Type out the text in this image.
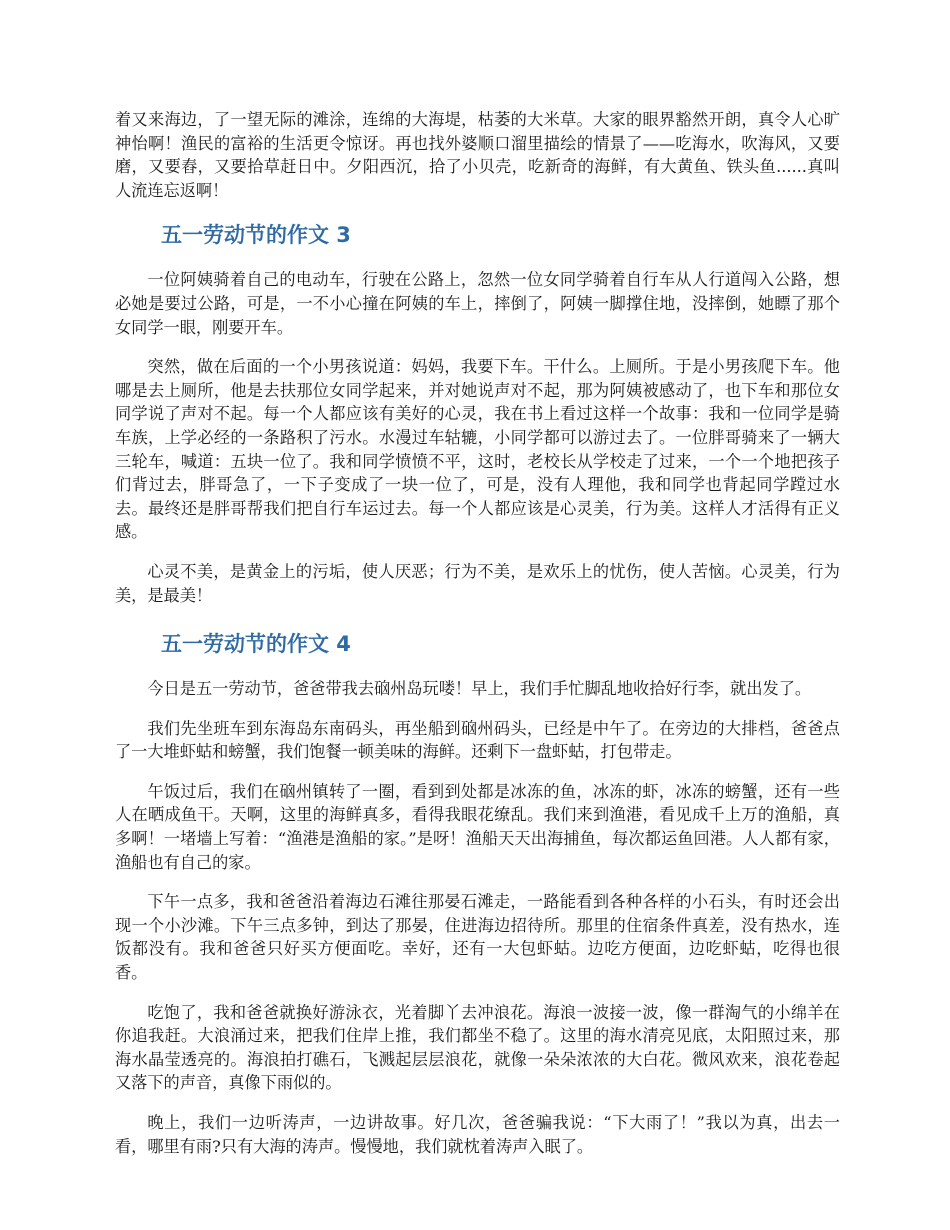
着又来海边，了一望无际的滩涂，连绵的大海堤，枯萎的大米草。大家的眼界豁然开朗，真令人心旷神怡啊！渔民的富裕的生活更令惊讶。再也找外婆顺口溜里描绘的情景了——吃海水，吹海风，又要磨，又要舂，又要拾草赶日中。夕阳西沉，拾了小贝壳，吃新奇的海鲜，有大黄鱼、铁头鱼......真叫人流连忘返啊！

五一劳动节的作文 3

一位阿姨骑着自己的电动车，行驶在公路上，忽然一位女同学骑着自行车从人行道闯入公路，想必她是要过公路，可是，一不小心撞在阿姨的车上，摔倒了，阿姨一脚撑住地，没摔倒，她瞟了那个女同学一眼，刚要开车。

突然，做在后面的一个小男孩说道：妈妈，我要下车。干什么。上厕所。于是小男孩爬下车。他哪是去上厕所，他是去扶那位女同学起来，并对她说声对不起，那为阿姨被感动了，也下车和那位女同学说了声对不起。每一个人都应该有美好的心灵，我在书上看过这样一个故事：我和一位同学是骑车族，上学必经的一条路积了污水。水漫过车轱辘，小同学都可以游过去了。一位胖哥骑来了一辆大三轮车，喊道：五块一位了。我和同学愤愤不平，这时，老校长从学校走了过来，一个一个地把孩子们背过去，胖哥急了，一下子变成了一块一位了，可是，没有人理他，我和同学也背起同学蹚过水去。最终还是胖哥帮我们把自行车运过去。每一个人都应该是心灵美，行为美。这样人才活得有正义感。

心灵不美，是黄金上的污垢，使人厌恶；行为不美，是欢乐上的忧伤，使人苦恼。心灵美，行为美，是最美！

五一劳动节的作文 4

今日是五一劳动节，爸爸带我去硇州岛玩喽！早上，我们手忙脚乱地收拾好行李，就出发了。

我们先坐班车到东海岛东南码头，再坐船到硇州码头，已经是中午了。在旁边的大排档，爸爸点了一大堆虾蛄和螃蟹，我们饱餐一顿美味的海鲜。还剩下一盘虾蛄，打包带走。

午饭过后，我们在硇州镇转了一圈，看到到处都是冰冻的鱼，冰冻的虾，冰冻的螃蟹，还有一些人在晒成鱼干。天啊，这里的海鲜真多，看得我眼花缭乱。我们来到渔港，看见成千上万的渔船，真多啊！一堵墙上写着：“渔港是渔船的家。”是呀！渔船天天出海捕鱼，每次都运鱼回港。人人都有家，渔船也有自己的家。

下午一点多，我和爸爸沿着海边石滩往那晏石滩走，一路能看到各种各样的小石头，有时还会出现一个小沙滩。下午三点多钟，到达了那晏，住进海边招待所。那里的住宿条件真差，没有热水，连饭都没有。我和爸爸只好买方便面吃。幸好，还有一大包虾蛄。边吃方便面，边吃虾蛄，吃得也很香。

吃饱了，我和爸爸就换好游泳衣，光着脚丫去冲浪花。海浪一波接一波，像一群淘气的小绵羊在你追我赶。大浪涌过来，把我们住岸上推，我们都坐不稳了。这里的海水清亮见底，太阳照过来，那海水晶莹透亮的。海浪拍打礁石，飞溅起层层浪花，就像一朵朵浓浓的大白花。微风欢来，浪花卷起又落下的声音，真像下雨似的。

晚上，我们一边听涛声，一边讲故事。好几次，爸爸骗我说：“下大雨了！”我以为真，出去一看，哪里有雨?只有大海的涛声。慢慢地，我们就枕着涛声入眠了。
